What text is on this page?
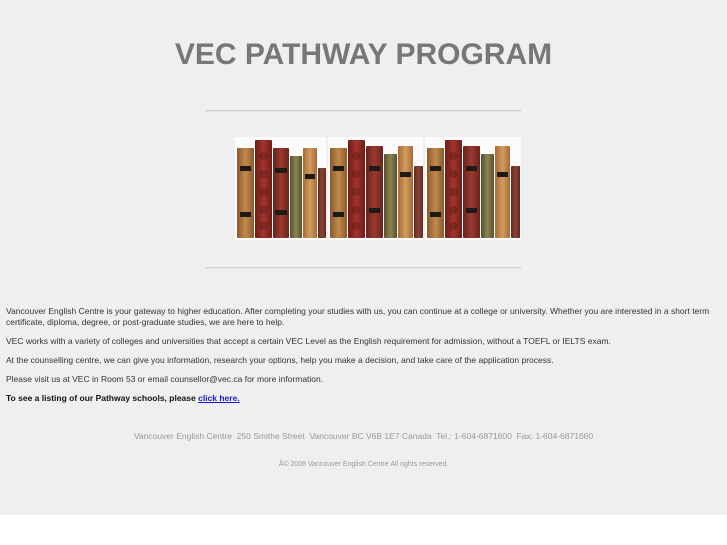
VEC PATHWAY PROGRAM

Vancouver English Centre is your gateway to higher education. After completing your studies with us, you can continue at a college or university. Whether you are interested in a short term certificate, diploma, degree, or post-graduate studies, we are here to help.

VEC works with a variety of colleges and universities that accept a certain VEC Level as the English requirement for admission, without a TOEFL or IELTS exam.

At the counselling centre, we can give you information, research your options, help you make a decision, and take care of the application process.

Please visit us at VEC in Room 53 or email counsellor@vec.ca for more information.

To see a listing of our Pathway schools, please click here.

Vancouver English Centre  250 Smithe Street  Vancouver BC V6B 1E7 Canada  Tel.: 1-604-6871600  Fax: 1-604-6871660
Â© 2008 Vancouver English Centre All rights reserved.
